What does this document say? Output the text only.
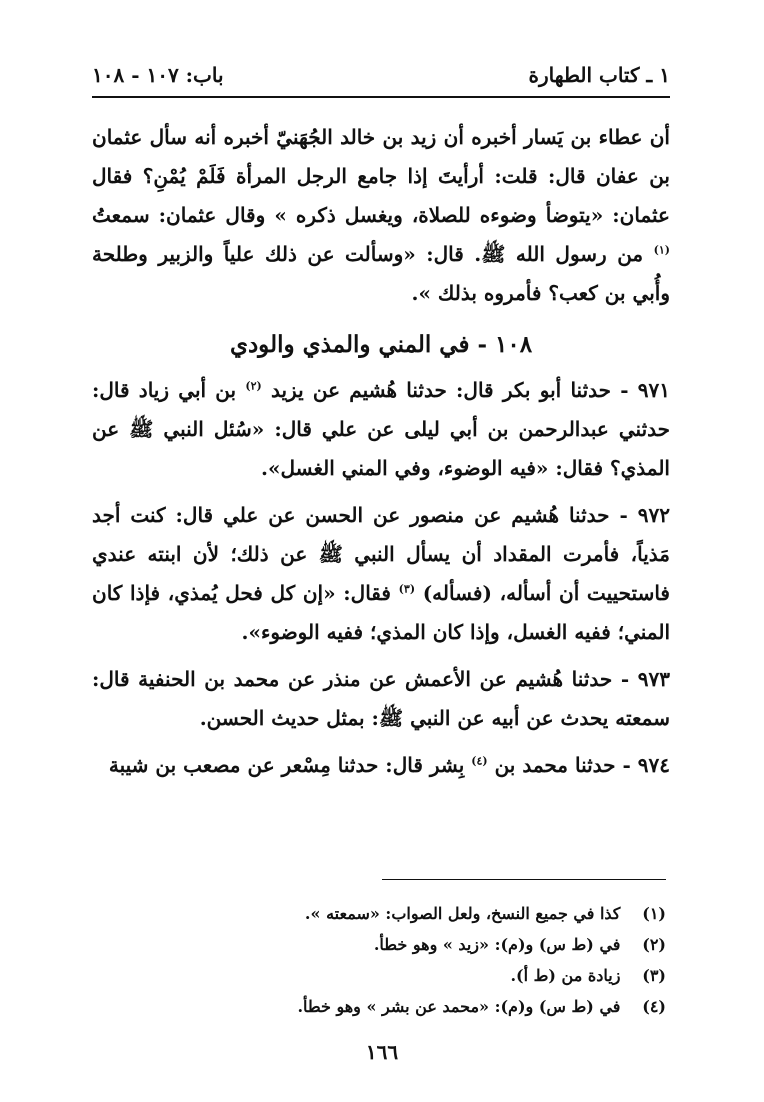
١ ـ كتاب الطهارة
باب: ١٠٧ - ١٠٨

أن عطاء بن يَسار أخبره أن زيد بن خالد الجُهَنيّ أخبره أنه سأل عثمان بن عفان قال: قلت: أرأيتَ إذا جامع الرجل المرأة فَلَمْ يُمْنِ؟ فقال عثمان: «يتوضأ وضوءه للصلاة، ويغسل ذكره » وقال عثمان: سمعتُ $^{(١)}$ من رسول الله ﷺ. قال: «وسألت عن ذلك علياً والزبير وطلحة وأُبي بن كعب؟ فأمروه بذلك ».

١٠٨ - في المني والمذي والودي

٩٧١ - حدثنا أبو بكر قال: حدثنا هُشيم عن يزيد $^{(٢)}$ بن أبي زياد قال: حدثني عبدالرحمن بن أبي ليلى عن علي قال: «سُئل النبي ﷺ عن المذي؟ فقال: «فيه الوضوء، وفي المني الغسل».

٩٧٢ - حدثنا هُشيم عن منصور عن الحسن عن علي قال: كنت أجد مَذياً، فأمرت المقداد أن يسأل النبي ﷺ عن ذلك؛ لأن ابنته عندي فاستحييت أن أسأله، (فسأله) $^{(٣)}$ فقال: «إن كل فحل يُمذي، فإذا كان المني؛ ففيه الغسل، وإذا كان المذي؛ ففيه الوضوء».

٩٧٣ - حدثنا هُشيم عن الأعمش عن منذر عن محمد بن الحنفية قال: سمعته يحدث عن أبيه عن النبي ﷺ: بمثل حديث الحسن.

٩٧٤ - حدثنا محمد بن $^{(٤)}$ بِشر قال: حدثنا مِسْعر عن مصعب بن شيبة

(١) كذا في جميع النسخ، ولعل الصواب: «سمعته ».
(٢) في (ط س) و(م): «زيد » وهو خطأ.
(٣) زيادة من (ط أ).
(٤) في (ط س) و(م): «محمد عن بشر » وهو خطأ.
١٦٦
